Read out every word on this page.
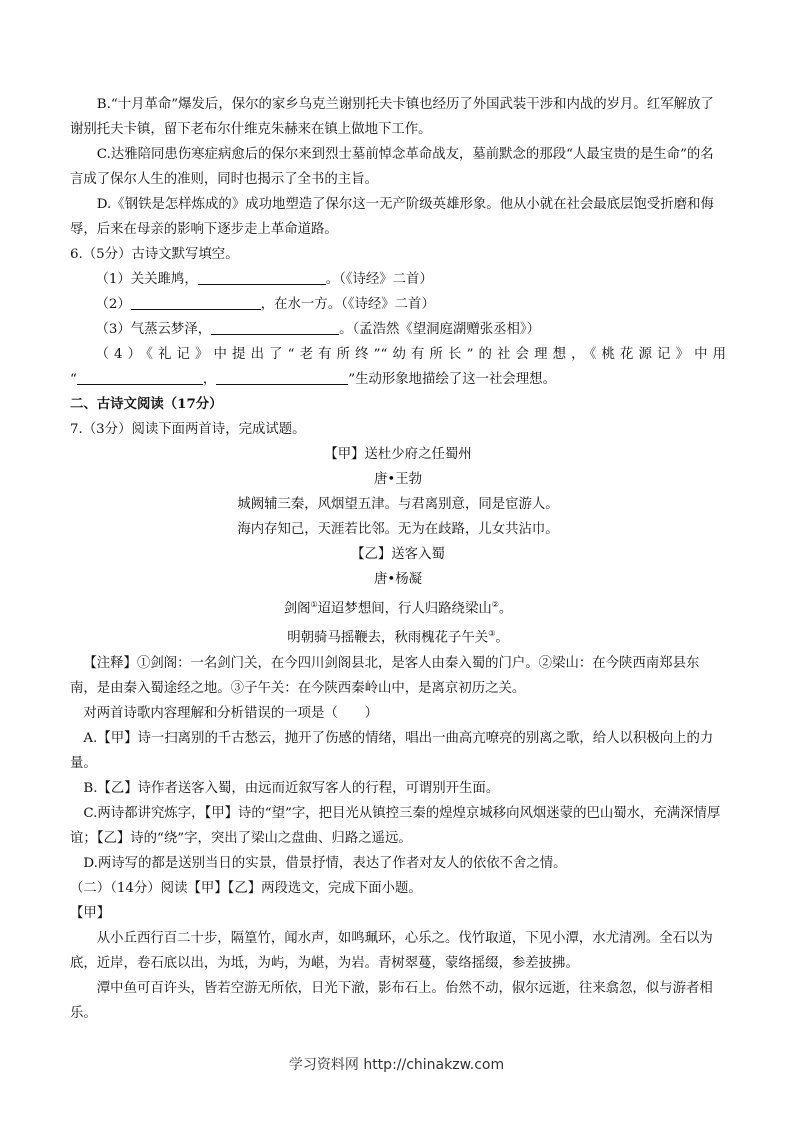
B.“十月革命”爆发后，保尔的家乡乌克兰谢别托夫卡镇也经历了外国武装干涉和内战的岁月。红军解放了谢别托夫卡镇，留下老布尔什维克朱赫来在镇上做地下工作。

C.达雅陪同患伤寒症病愈后的保尔来到烈士墓前悼念革命战友，墓前默念的那段“人最宝贵的是生命”的名言成了保尔人生的准则，同时也揭示了全书的主旨。

D.《钢铁是怎样炼成的》成功地塑造了保尔这一无产阶级英雄形象。他从小就在社会最底层饱受折磨和侮辱，后来在母亲的影响下逐步走上革命道路。

6.（5分）古诗文默写填空。

（1）关关雎鸠，	。（《诗经》二首）

（2）	，在水一方。（《诗经》二首）

（3）气蒸云梦泽，	。（孟浩然《望洞庭湖赠张丞相》）

（4）《礼记》中提出了“老有所终”“幼有所长”的社会理想，《桃花源记》中用

“	，	”生动形象地描绘了这一社会理想。

二、古诗文阅读（17分）

7.（3分）阅读下面两首诗，完成试题。

【甲】送杜少府之任蜀州

唐•王勃

城阙辅三秦，风烟望五津。与君离别意，同是宦游人。

海内存知己，天涯若比邻。无为在歧路，儿女共沾巾。

【乙】送客入蜀

唐•杨凝

剑阁①迢迢梦想间，行人归路绕梁山②。

明朝骑马摇鞭去，秋雨槐花子午关③。

【注释】①剑阁：一名剑门关，在今四川剑阁县北，是客人由秦入蜀的门户。②梁山：在今陕西南郑县东南，是由秦入蜀途经之地。③子午关：在今陕西秦岭山中，是离京初历之关。

对两首诗歌内容理解和分析错误的一项是（　　）

A.【甲】诗一扫离别的千古愁云，抛开了伤感的情绪，唱出一曲高亢嘹亮的别离之歌，给人以积极向上的力量。

B.【乙】诗作者送客入蜀，由远而近叙写客人的行程，可谓别开生面。

C.两诗都讲究炼字，【甲】诗的“望”字，把目光从镇控三秦的煌煌京城移向风烟迷蒙的巴山蜀水，充满深情厚谊；【乙】诗的“绕”字，突出了梁山之盘曲、归路之遥远。

D.两诗写的都是送别当日的实景，借景抒情，表达了作者对友人的依依不舍之情。

（二）（14分）阅读【甲】【乙】两段选文，完成下面小题。

【甲】

从小丘西行百二十步，隔篁竹，闻水声，如鸣珮环，心乐之。伐竹取道，下见小潭，水尤清冽。全石以为底，近岸，卷石底以出，为坻，为屿，为嵁，为岩。青树翠蔓，蒙络摇缀，参差披拂。

潭中鱼可百许头，皆若空游无所依，日光下澈，影布石上。佁然不动，俶尔远逝，往来翕忽，似与游者相乐。

学习资料网 http://chinakzw.com
